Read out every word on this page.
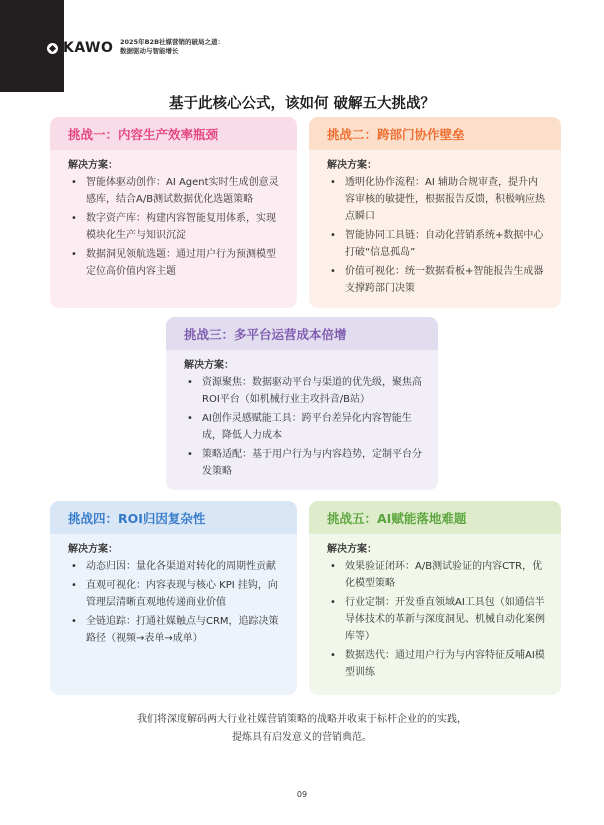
KAWO 2025年B2B社媒营销的破局之道：
数据驱动与智能增长
基于此核心公式，该如何 破解五大挑战？
挑战一：内容生产效率瓶颈
解决方案：
• 智能体驱动创作：AI Agent实时生成创意灵感库，结合A/B测试数据优化选题策略
• 数字资产库：构建内容智能复用体系，实现模块化生产与知识沉淀
• 数据洞见领航选题：通过用户行为预测模型定位高价值内容主题
挑战二：跨部门协作壁垒
解决方案：
• 透明化协作流程：AI 辅助合规审查，提升内容审核的敏捷性，根据报告反馈，积极响应热点瞬口
• 智能协同工具链：自动化营销系统+数据中心打破“信息孤岛”
• 价值可视化：统一数据看板+智能报告生成器支撑跨部门决策
挑战三：多平台运营成本倍增
解决方案：
• 资源聚焦：数据驱动平台与渠道的优先级，聚焦高ROI平台（如机械行业主攻抖音/B站）
• AI创作灵感赋能工具：跨平台差异化内容智能生成，降低人力成本
• 策略适配：基于用户行为与内容趋势，定制平台分发策略
挑战四：ROI归因复杂性
解决方案：
• 动态归因：量化各渠道对转化的周期性贡献
• 直观可视化：内容表现与核心 KPI 挂钩，向管理层清晰直观地传递商业价值
• 全链追踪：打通社媒触点与CRM，追踪决策路径（视频→表单→成单）
挑战五：AI赋能落地难题
解决方案：
• 效果验证闭环：A/B测试验证的内容CTR，优化模型策略
• 行业定制：开发垂直领域AI工具包（如通信半导体技术的革新与深度洞见、机械自动化案例库等）
• 数据迭代：通过用户行为与内容特征反哺AI模型训练
我们将深度解码两大行业社媒营销策略的战略并收束于标杆企业的的实践，
提炼具有启发意义的营销典范。
09
